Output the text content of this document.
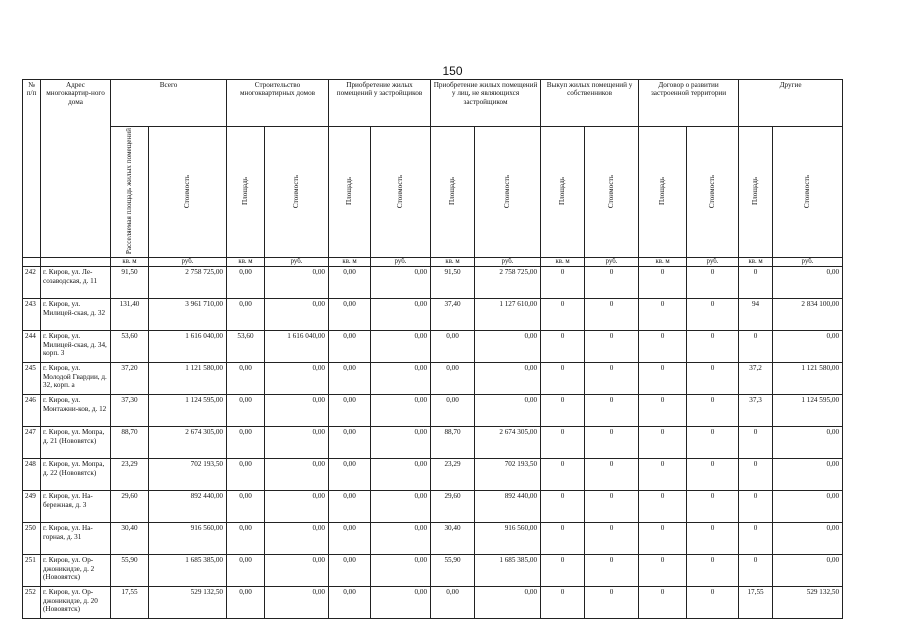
150
№ п/п	Адрес многоквартир-ного дома	Всего		Строительство многоквартирных домов		Приобретение жилых помещений у застройщиков		Приобретение жилых помещений у лиц, не являющихся застройщиком		Выкуп жилых помещений у собственников		Договор о развитии застроенной территории		Другие	
		Расселяемая площадь жилых помещений	Стоимость	Площадь	Стоимость	Площадь	Стоимость	Площадь	Стоимость	Площадь	Стоимость	Площадь	Стоимость	Площадь	Стоимость
		кв. м	руб.	кв. м	руб.	кв. м	руб.	кв. м	руб.	кв. м	руб.	кв. м	руб.	кв. м	руб.
242	г. Киров, ул. Ле-созаводская, д. 11	91,50	2 758 725,00	0,00	0,00	0,00	0,00	91,50	2 758 725,00	0	0	0	0	0	0,00
243	г. Киров, ул. Милицей-ская, д. 32	131,40	3 961 710,00	0,00	0,00	0,00	0,00	37,40	1 127 610,00	0	0	0	0	94	2 834 100,00
244	г. Киров, ул. Милицей-ская, д. 34, корп. 3	53,60	1 616 040,00	53,60	1 616 040,00	0,00	0,00	0,00	0,00	0	0	0	0	0	0,00
245	г. Киров, ул. Молодой Гвардии, д. 32, корп. а	37,20	1 121 580,00	0,00	0,00	0,00	0,00	0,00	0,00	0	0	0	0	37,2	1 121 580,00
246	г. Киров, ул. Монтажни-ков, д. 12	37,30	1 124 595,00	0,00	0,00	0,00	0,00	0,00	0,00	0	0	0	0	37,3	1 124 595,00
247	г. Киров, ул. Мопра, д. 21 (Нововятск)	88,70	2 674 305,00	0,00	0,00	0,00	0,00	88,70	2 674 305,00	0	0	0	0	0	0,00
248	г. Киров, ул. Мопра, д. 22 (Нововятск)	23,29	702 193,50	0,00	0,00	0,00	0,00	23,29	702 193,50	0	0	0	0	0	0,00
249	г. Киров, ул. На-бережная, д. 3	29,60	892 440,00	0,00	0,00	0,00	0,00	29,60	892 440,00	0	0	0	0	0	0,00
250	г. Киров, ул. На-горная, д. 31	30,40	916 560,00	0,00	0,00	0,00	0,00	30,40	916 560,00	0	0	0	0	0	0,00
251	г. Киров, ул. Ор-джоникидзе, д. 2 (Нововятск)	55,90	1 685 385,00	0,00	0,00	0,00	0,00	55,90	1 685 385,00	0	0	0	0	0	0,00
252	г. Киров, ул. Ор-джоникидзе, д. 20 (Нововятск)	17,55	529 132,50	0,00	0,00	0,00	0,00	0,00	0,00	0	0	0	0	17,55	529 132,50
